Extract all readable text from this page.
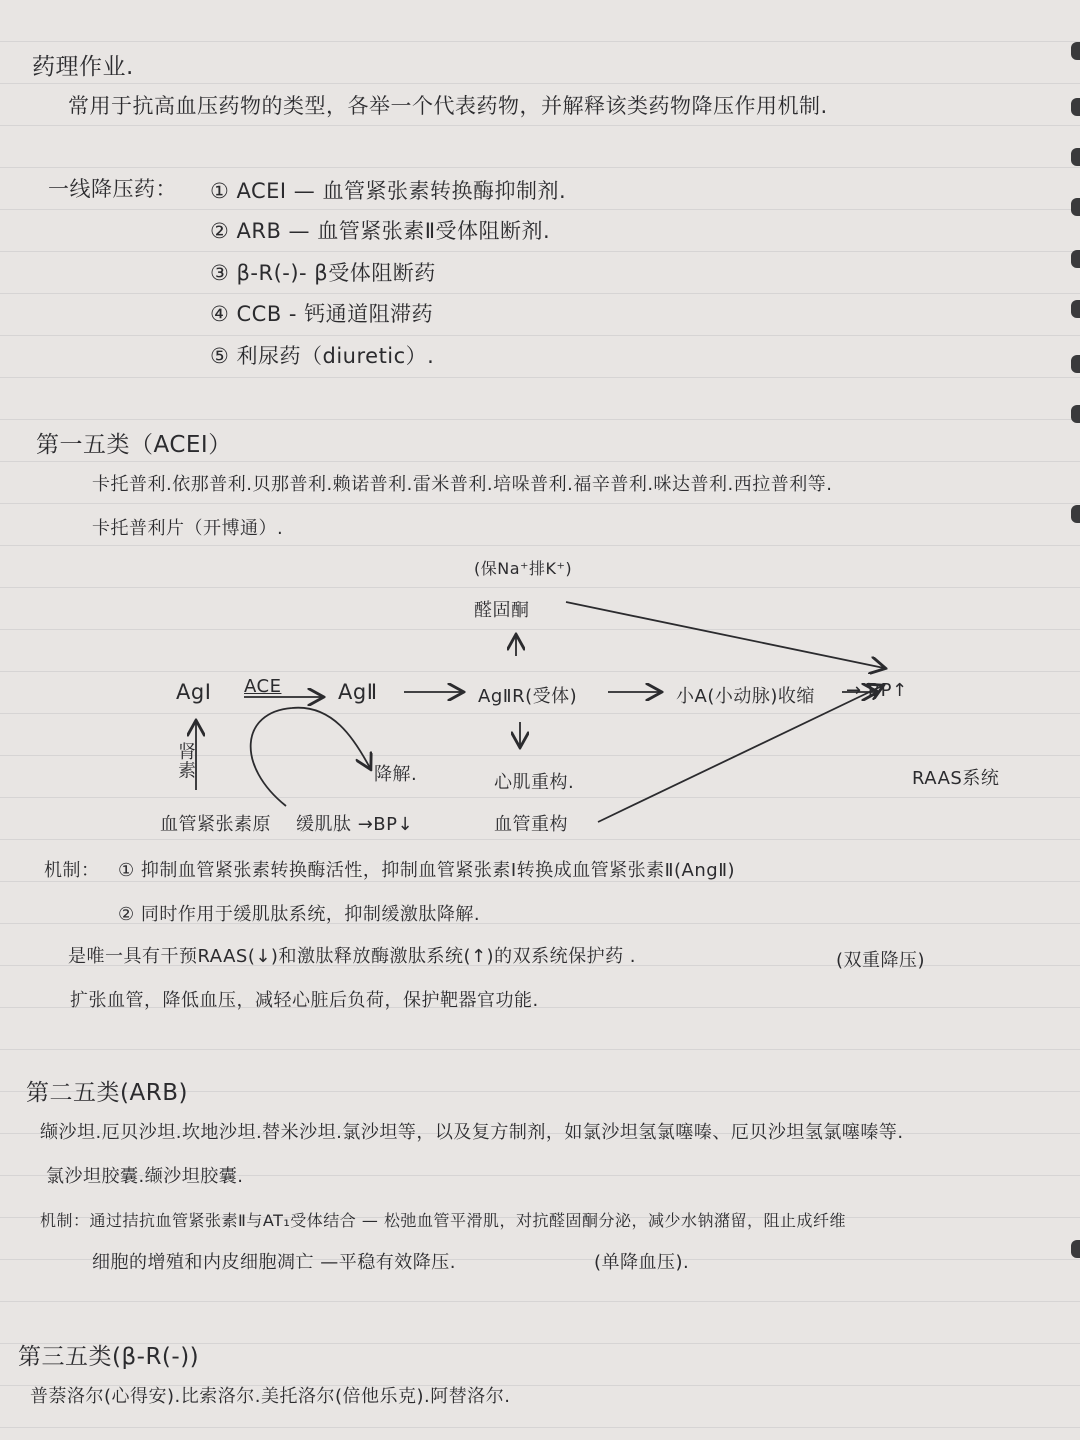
药理作业.
常用于抗高血压药物的类型，各举一个代表药物，并解释该类药物降压作用机制.
一线降压药： ① ACEI — 血管紧张素转换酶抑制剂.
② ARB — 血管紧张素Ⅱ受体阻断剂.
③ β-R(-)- β受体阻断药
④ CCB - 钙通道阻滞药
⑤ 利尿药（diuretic）.
第一五类（ACEI）
卡托普利.依那普利.贝那普利.赖诺普利.雷米普利.培哚普利.福辛普利.咪达普利.西拉普利等.
卡托普利片（开博通）.
(保Na⁺排K⁺)
醛固酮
AgⅠ ACE	AgⅡ	AgⅡR(受体)	小A(小动脉)收缩 → BP↑
肾素	降解.	心肌重构.	RAAS系统
血管紧张素原 缓肌肽 →BP↓	血管重构
机制： ① 抑制血管紧张素转换酶活性，抑制血管紧张素Ⅰ转换成血管紧张素Ⅱ(AngⅡ)
② 同时作用于缓肌肽系统，抑制缓激肽降解.
是唯一具有干预RAAS(↓)和激肽释放酶激肽系统(↑)的双系统保护药 .	(双重降压)
扩张血管，降低血压，减轻心脏后负荷，保护靶器官功能.
第二五类(ARB)
缬沙坦.厄贝沙坦.坎地沙坦.替米沙坦.氯沙坦等，以及复方制剂，如氯沙坦氢氯噻嗪、厄贝沙坦氢氯噻嗪等.
氯沙坦胶囊.缬沙坦胶囊.
机制：通过拮抗血管紧张素Ⅱ与AT₁受体结合 — 松弛血管平滑肌，对抗醛固酮分泌，减少水钠潴留，阻止成纤维
细胞的增殖和内皮细胞凋亡 —平稳有效降压.	(单降血压).
第三五类(β-R(-))
普萘洛尔(心得安).比索洛尔.美托洛尔(倍他乐克).阿替洛尔.
